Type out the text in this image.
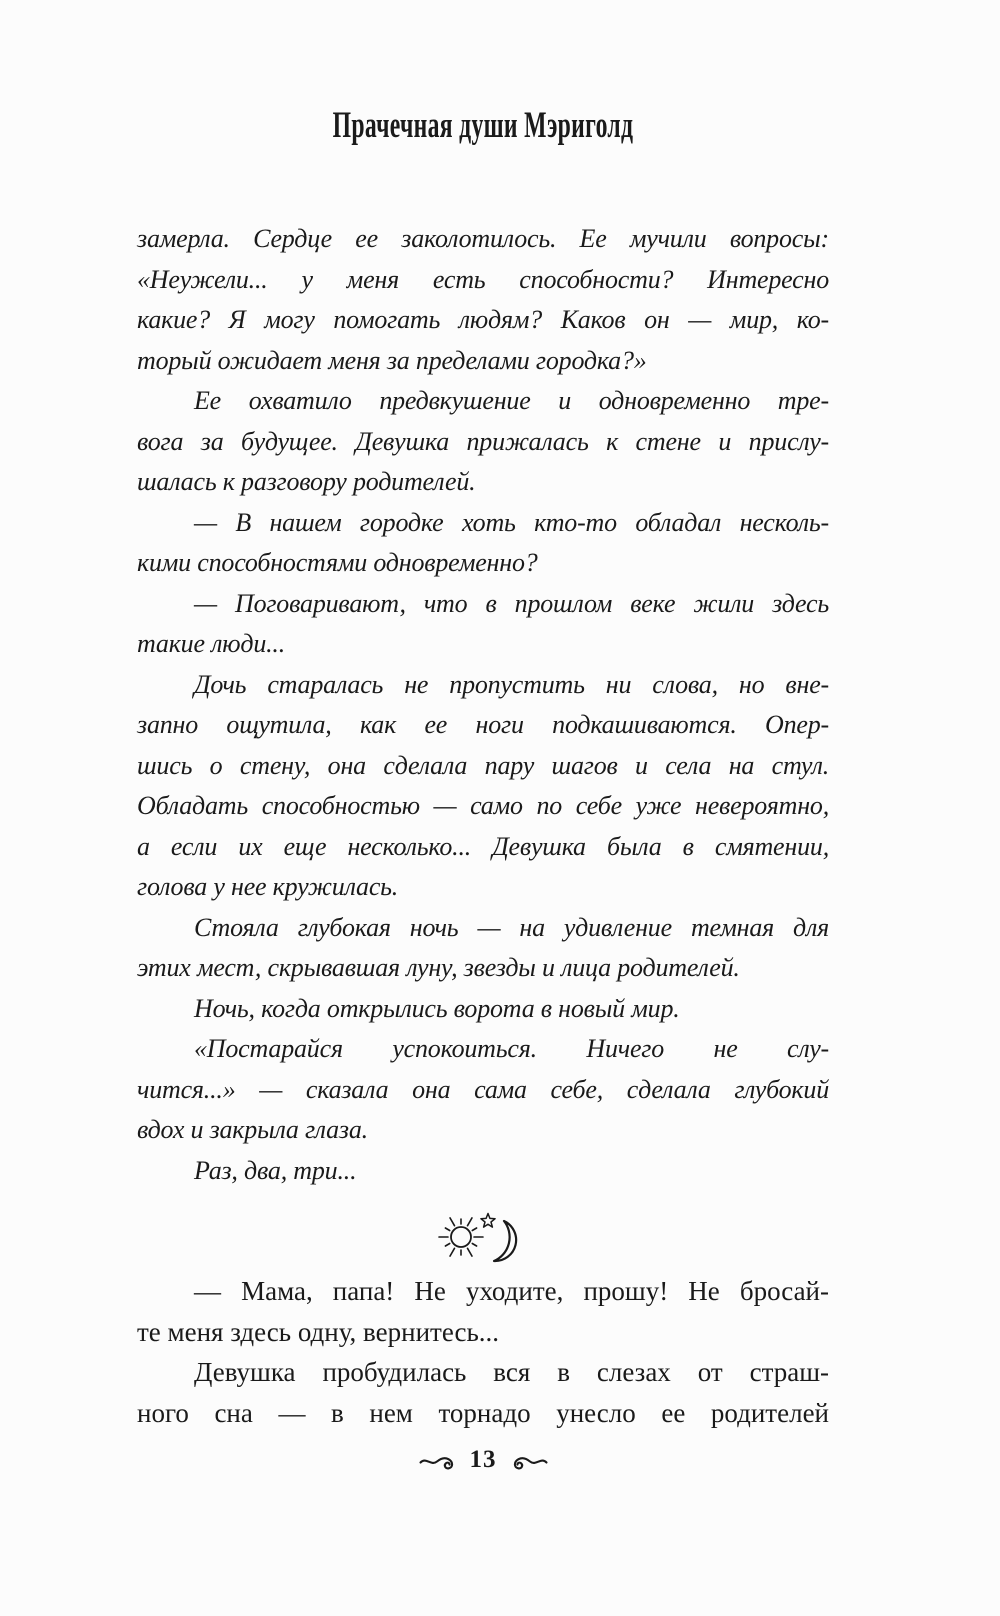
Прачечная души Мэриголд
замерла. Сердце ее заколотилось. Ее мучили вопросы:
«Неужели... у меня есть способности? Интересно
какие? Я могу помогать людям? Каков он — мир, ко-
торый ожидает меня за пределами городка?»
Ее охватило предвкушение и одновременно тре-
вога за будущее. Девушка прижалась к стене и прислу-
шалась к разговору родителей.
— В нашем городке хоть кто-то обладал несколь-
кими способностями одновременно?
— Поговаривают, что в прошлом веке жили здесь
такие люди...
Дочь старалась не пропустить ни слова, но вне-
запно ощутила, как ее ноги подкашиваются. Опер-
шись о стену, она сделала пару шагов и села на стул.
Обладать способностью — само по себе уже невероятно,
а если их еще несколько... Девушка была в смятении,
голова у нее кружилась.
Стояла глубокая ночь — на удивление темная для
этих мест, скрывавшая луну, звезды и лица родителей.
Ночь, когда открылись ворота в новый мир.
«Постарайся успокоиться. Ничего не слу-
чится...» — сказала она сама себе, сделала глубокий
вдох и закрыла глаза.
Раз, два, три...
— Мама, папа! Не уходите, прошу! Не бросай-
те меня здесь одну, вернитесь...
Девушка пробудилась вся в слезах от страш-
ного сна — в нем торнадо унесло ее родителей
13
